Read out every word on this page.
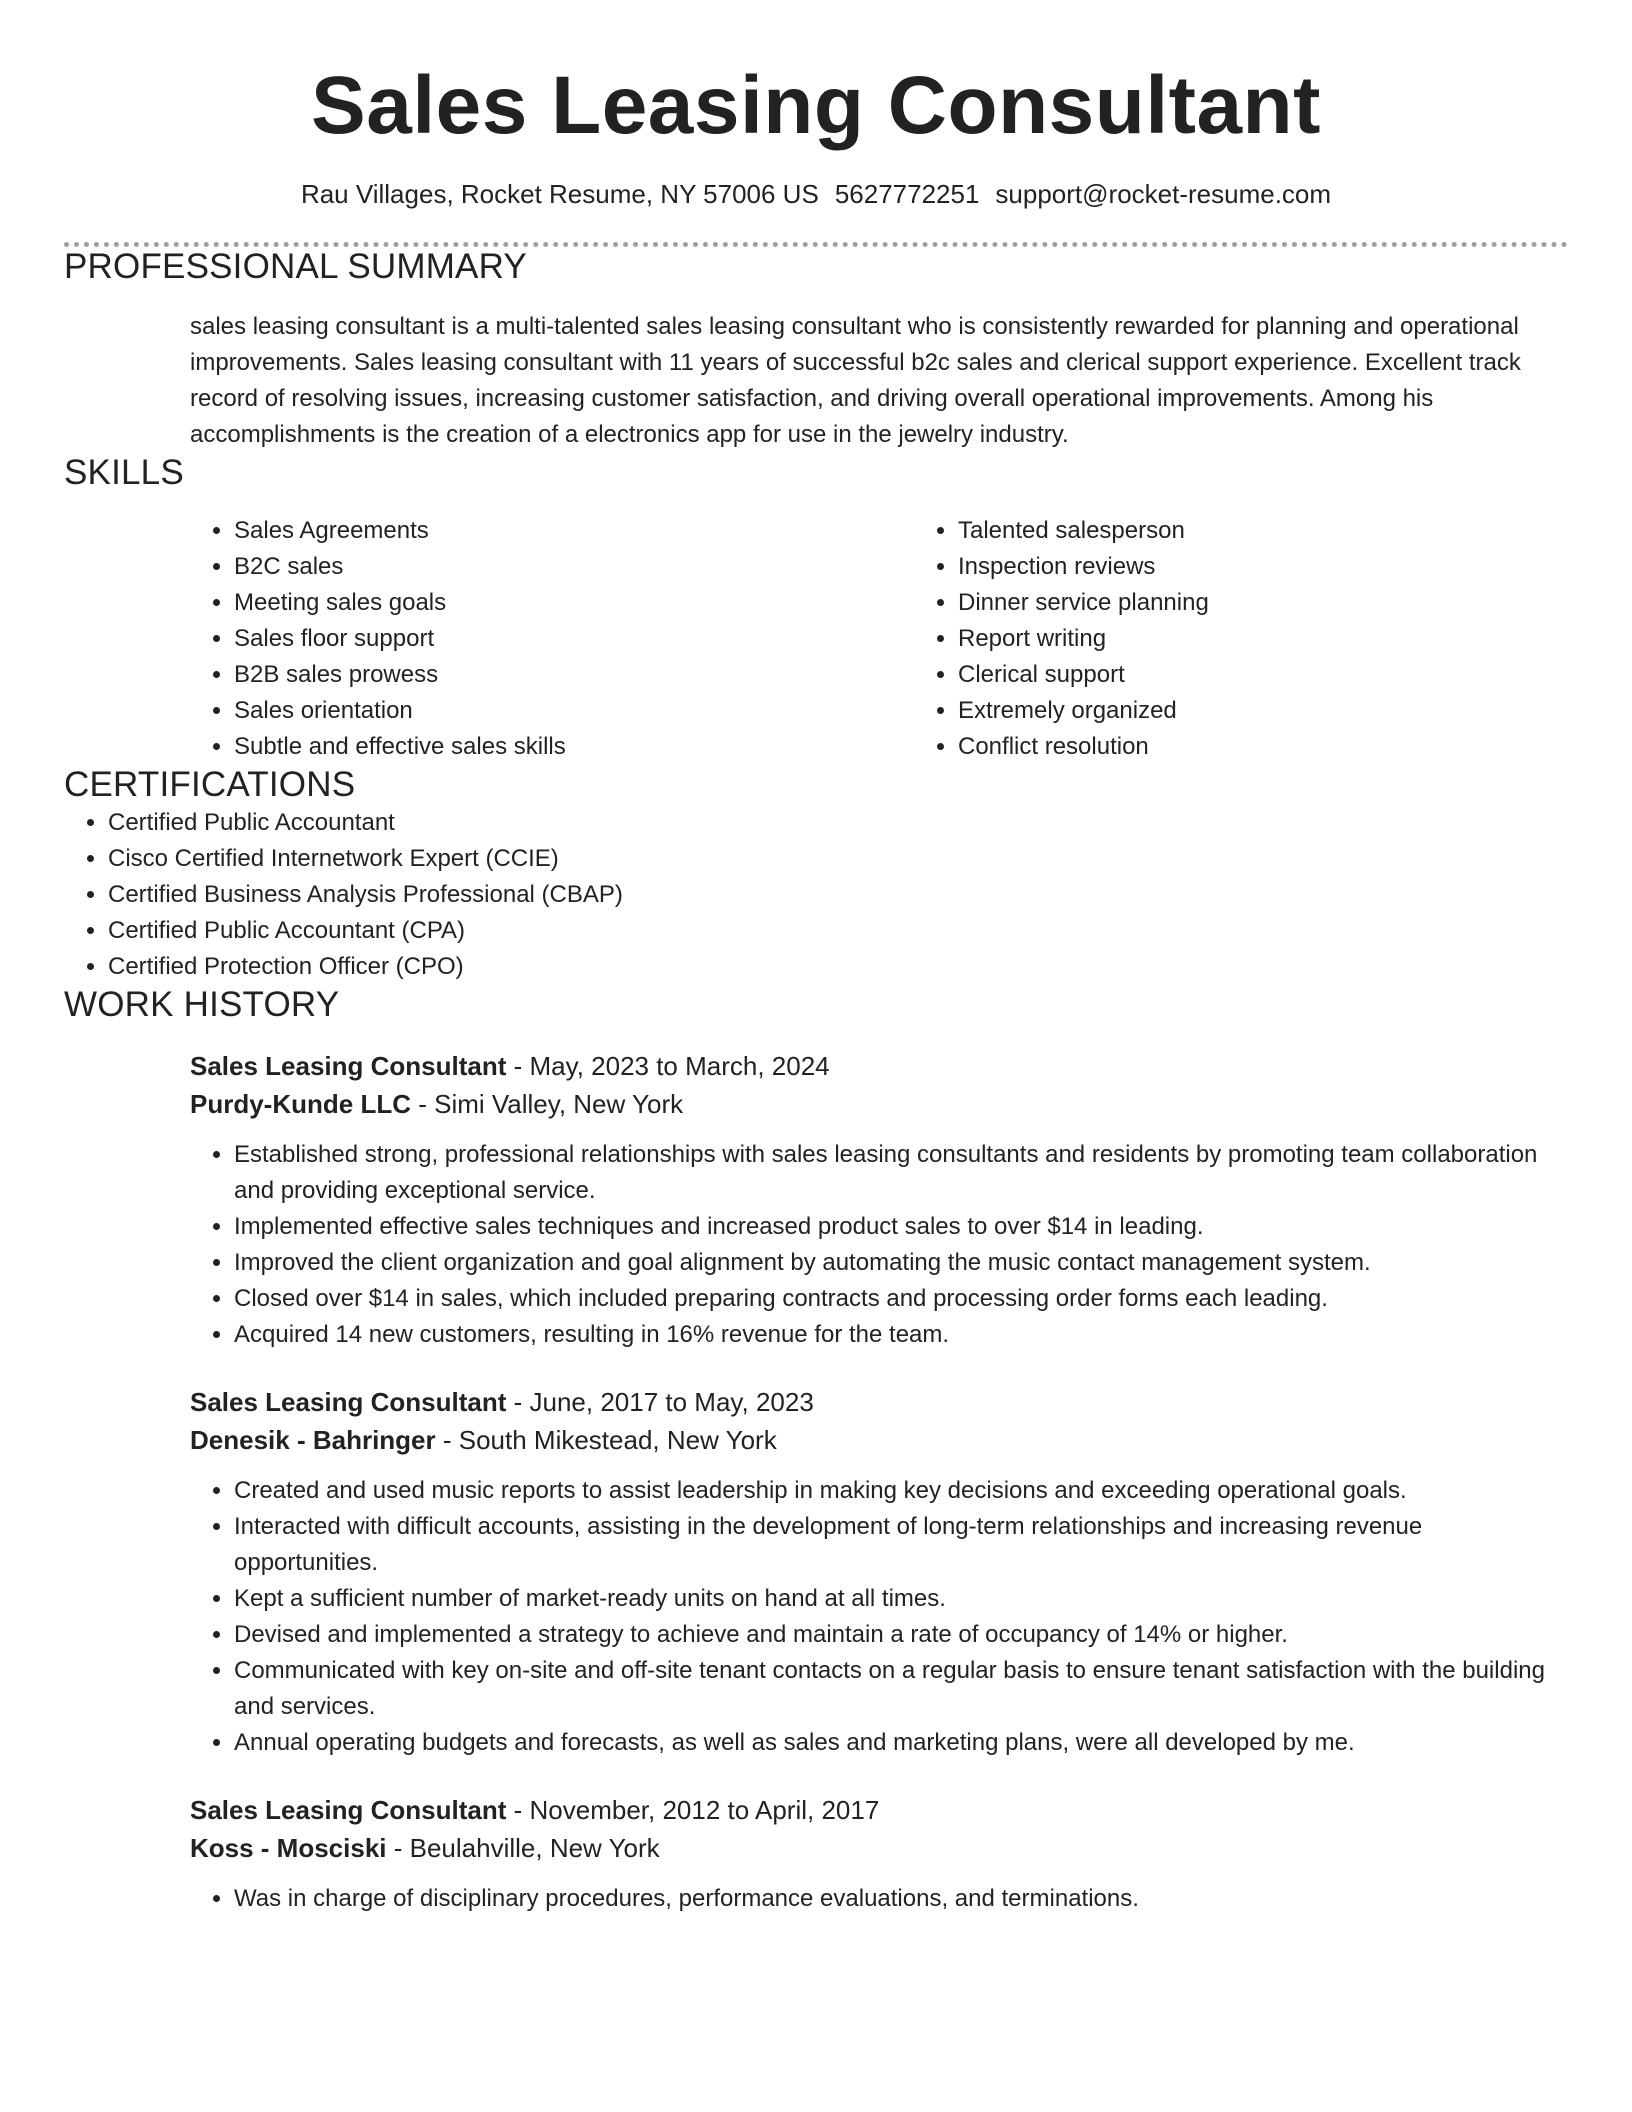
Sales Leasing Consultant
Rau Villages, Rocket Resume, NY 57006 US 5627772251 support@rocket-resume.com
PROFESSIONAL SUMMARY
sales leasing consultant is a multi-talented sales leasing consultant who is consistently rewarded for planning and operational improvements. Sales leasing consultant with 11 years of successful b2c sales and clerical support experience. Excellent track record of resolving issues, increasing customer satisfaction, and driving overall operational improvements. Among his accomplishments is the creation of a electronics app for use in the jewelry industry.
SKILLS
• Sales Agreements
• B2C sales
• Meeting sales goals
• Sales floor support
• B2B sales prowess
• Sales orientation
• Subtle and effective sales skills
• Talented salesperson
• Inspection reviews
• Dinner service planning
• Report writing
• Clerical support
• Extremely organized
• Conflict resolution
CERTIFICATIONS
• Certified Public Accountant
• Cisco Certified Internetwork Expert (CCIE)
• Certified Business Analysis Professional (CBAP)
• Certified Public Accountant (CPA)
• Certified Protection Officer (CPO)
WORK HISTORY
Sales Leasing Consultant - May, 2023 to March, 2024
Purdy-Kunde LLC - Simi Valley, New York
• Established strong, professional relationships with sales leasing consultants and residents by promoting team collaboration and providing exceptional service.
• Implemented effective sales techniques and increased product sales to over $14 in leading.
• Improved the client organization and goal alignment by automating the music contact management system.
• Closed over $14 in sales, which included preparing contracts and processing order forms each leading.
• Acquired 14 new customers, resulting in 16% revenue for the team.
Sales Leasing Consultant - June, 2017 to May, 2023
Denesik - Bahringer - South Mikestead, New York
• Created and used music reports to assist leadership in making key decisions and exceeding operational goals.
• Interacted with difficult accounts, assisting in the development of long-term relationships and increasing revenue opportunities.
• Kept a sufficient number of market-ready units on hand at all times.
• Devised and implemented a strategy to achieve and maintain a rate of occupancy of 14% or higher.
• Communicated with key on-site and off-site tenant contacts on a regular basis to ensure tenant satisfaction with the building and services.
• Annual operating budgets and forecasts, as well as sales and marketing plans, were all developed by me.
Sales Leasing Consultant - November, 2012 to April, 2017
Koss - Mosciski - Beulahville, New York
• Was in charge of disciplinary procedures, performance evaluations, and terminations.
